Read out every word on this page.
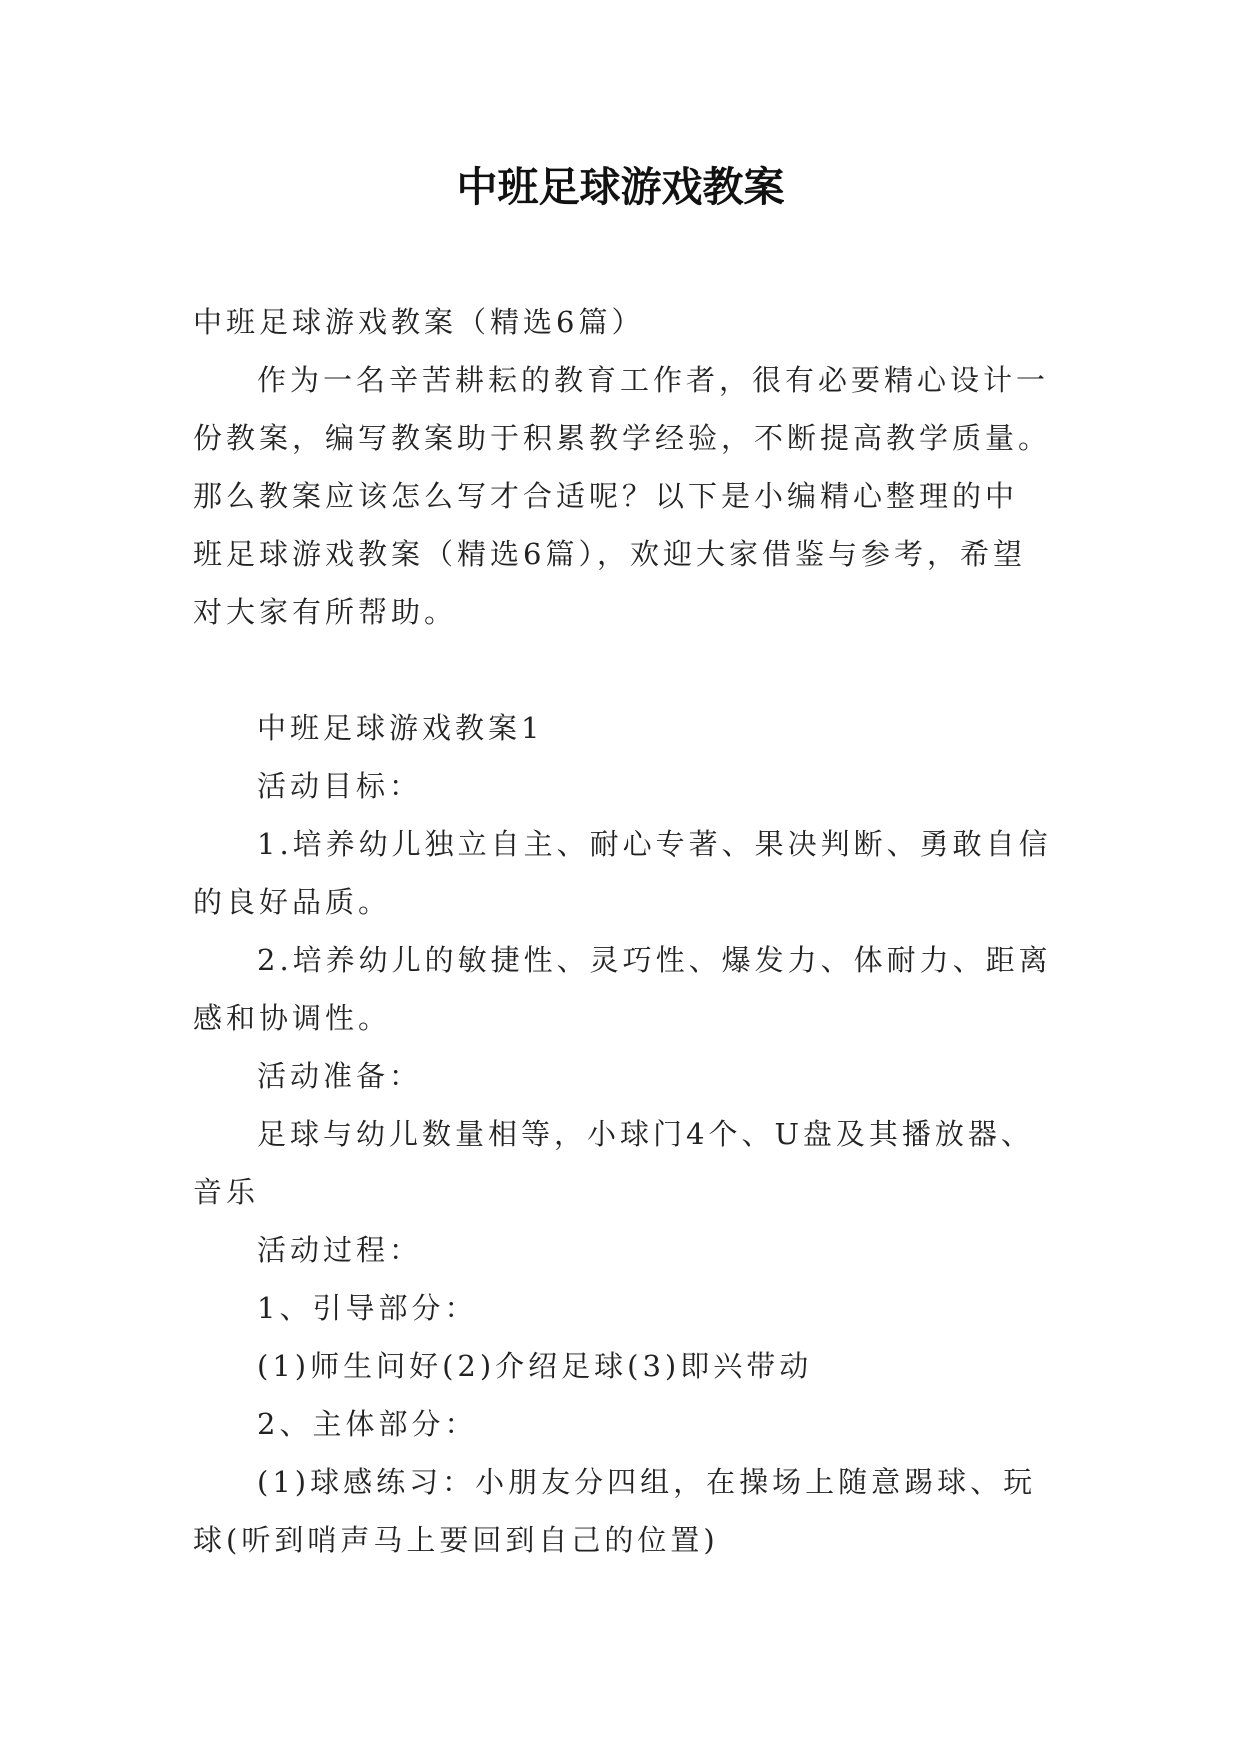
中班足球游戏教案

中班足球游戏教案（精选6篇）

作为一名辛苦耕耘的教育工作者，很有必要精心设计一

份教案，编写教案助于积累教学经验，不断提高教学质量。

那么教案应该怎么写才合适呢？以下是小编精心整理的中

班足球游戏教案（精选6篇），欢迎大家借鉴与参考，希望

对大家有所帮助。

中班足球游戏教案1

活动目标：

1.培养幼儿独立自主、耐心专著、果决判断、勇敢自信

的良好品质。

2.培养幼儿的敏捷性、灵巧性、爆发力、体耐力、距离

感和协调性。

活动准备：

足球与幼儿数量相等，小球门4个、U盘及其播放器、

音乐

活动过程：

1、引导部分：

(1)师生问好(2)介绍足球(3)即兴带动

2、主体部分：

(1)球感练习：小朋友分四组，在操场上随意踢球、玩

球(听到哨声马上要回到自己的位置)
